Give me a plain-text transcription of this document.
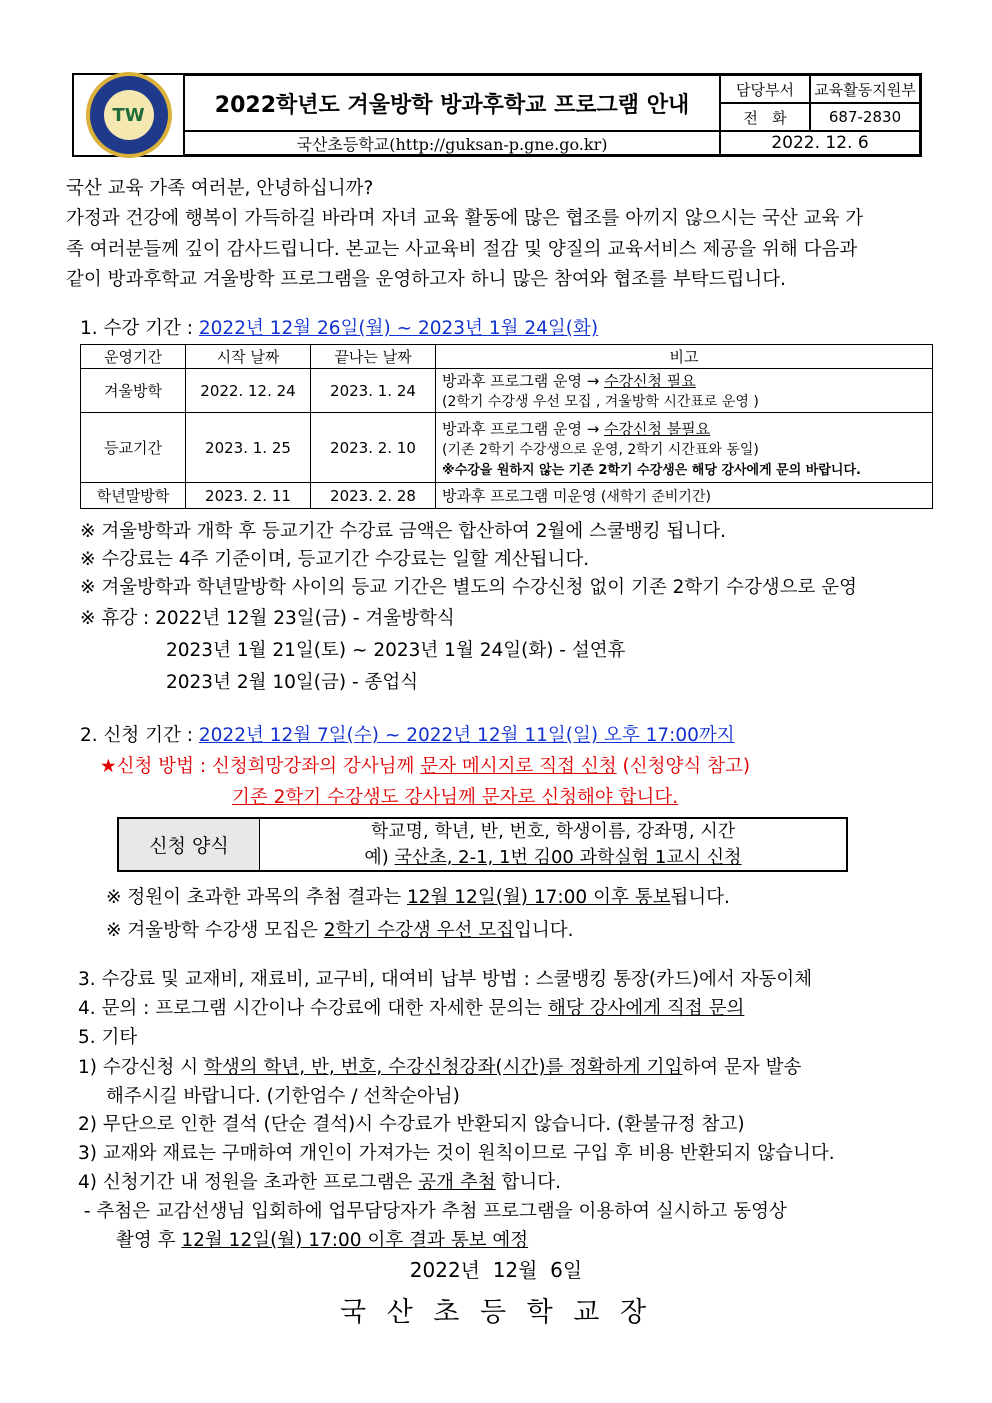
TW	2022학년도 겨울방학 방과후학교 프로그램 안내
국산초등학교(http://guksan-p.gne.go.kr)
담당부서	교육활동지원부
전   화	687-2830
2022. 12. 6
국산 교육 가족 여러분, 안녕하십니까?
가정과 건강에 행복이 가득하길 바라며 자녀 교육 활동에 많은 협조를 아끼지 않으시는 국산 교육 가
족 여러분들께 깊이 감사드립니다. 본교는 사교육비 절감 및 양질의 교육서비스 제공을 위해 다음과
같이 방과후학교 겨울방학 프로그램을 운영하고자 하니 많은 참여와 협조를 부탁드립니다.
1. 수강 기간 : 2022년 12월 26일(월) ~ 2023년 1월 24일(화)
운영기간	시작 날짜	끝나는 날짜	비고
겨울방학	2022. 12. 24	2023. 1. 24	방과후 프로그램 운영 → 수강신청 필요
(2학기 수강생 우선 모집 , 겨울방학 시간표로 운영 )
등교기간	2023. 1. 25	2023. 2. 10	방과후 프로그램 운영 → 수강신청 불필요
(기존 2학기 수강생으로 운영, 2학기 시간표와 동일)
※수강을 원하지 않는 기존 2학기 수강생은 해당 강사에게 문의 바랍니다.
학년말방학	2023. 2. 11	2023. 2. 28	방과후 프로그램 미운영 (새학기 준비기간)
※ 겨울방학과 개학 후 등교기간 수강료 금액은 합산하여 2월에 스쿨뱅킹 됩니다.
※ 수강료는 4주 기준이며, 등교기간 수강료는 일할 계산됩니다.
※ 겨울방학과 학년말방학 사이의 등교 기간은 별도의 수강신청 없이 기존 2학기 수강생으로 운영
※ 휴강 : 2022년 12월 23일(금) - 겨울방학식
2023년 1월 21일(토) ~ 2023년 1월 24일(화) - 설연휴
2023년 2월 10일(금) - 종업식
2. 신청 기간 : 2022년 12월 7일(수) ~ 2022년 12월 11일(일) 오후 17:00까지
★신청 방법 : 신청희망강좌의 강사님께 문자 메시지로 직접 신청 (신청양식 참고)
기존 2학기 수강생도 강사님께 문자로 신청해야 합니다.
신청 양식
학교명, 학년, 반, 번호, 학생이름, 강좌명, 시간
예) 국산초, 2-1, 1번 김00 과학실험 1교시 신청
※ 정원이 초과한 과목의 추첨 결과는 12월 12일(월) 17:00 이후 통보됩니다.
※ 겨울방학 수강생 모집은 2학기 수강생 우선 모집입니다.
3. 수강료 및 교재비, 재료비, 교구비, 대여비 납부 방법 : 스쿨뱅킹 통장(카드)에서 자동이체
4. 문의 : 프로그램 시간이나 수강료에 대한 자세한 문의는 해당 강사에게 직접 문의
5. 기타
1) 수강신청 시 학생의 학년, 반, 번호, 수강신청강좌(시간)를 정확하게 기입하여 문자 발송
해주시길 바랍니다. (기한엄수 / 선착순아님)
2) 무단으로 인한 결석 (단순 결석)시 수강료가 반환되지 않습니다. (환불규정 참고)
3) 교재와 재료는 구매하여 개인이 가져가는 것이 원칙이므로 구입 후 비용 반환되지 않습니다.
4) 신청기간 내 정원을 초과한 프로그램은 공개 추첨 합니다.
- 추첨은 교감선생님 입회하에 업무담당자가 추첨 프로그램을 이용하여 실시하고 동영상
촬영 후 12월 12일(월) 17:00 이후 결과 통보 예정
2022년  12월  6일
국 산 초 등 학 교 장
